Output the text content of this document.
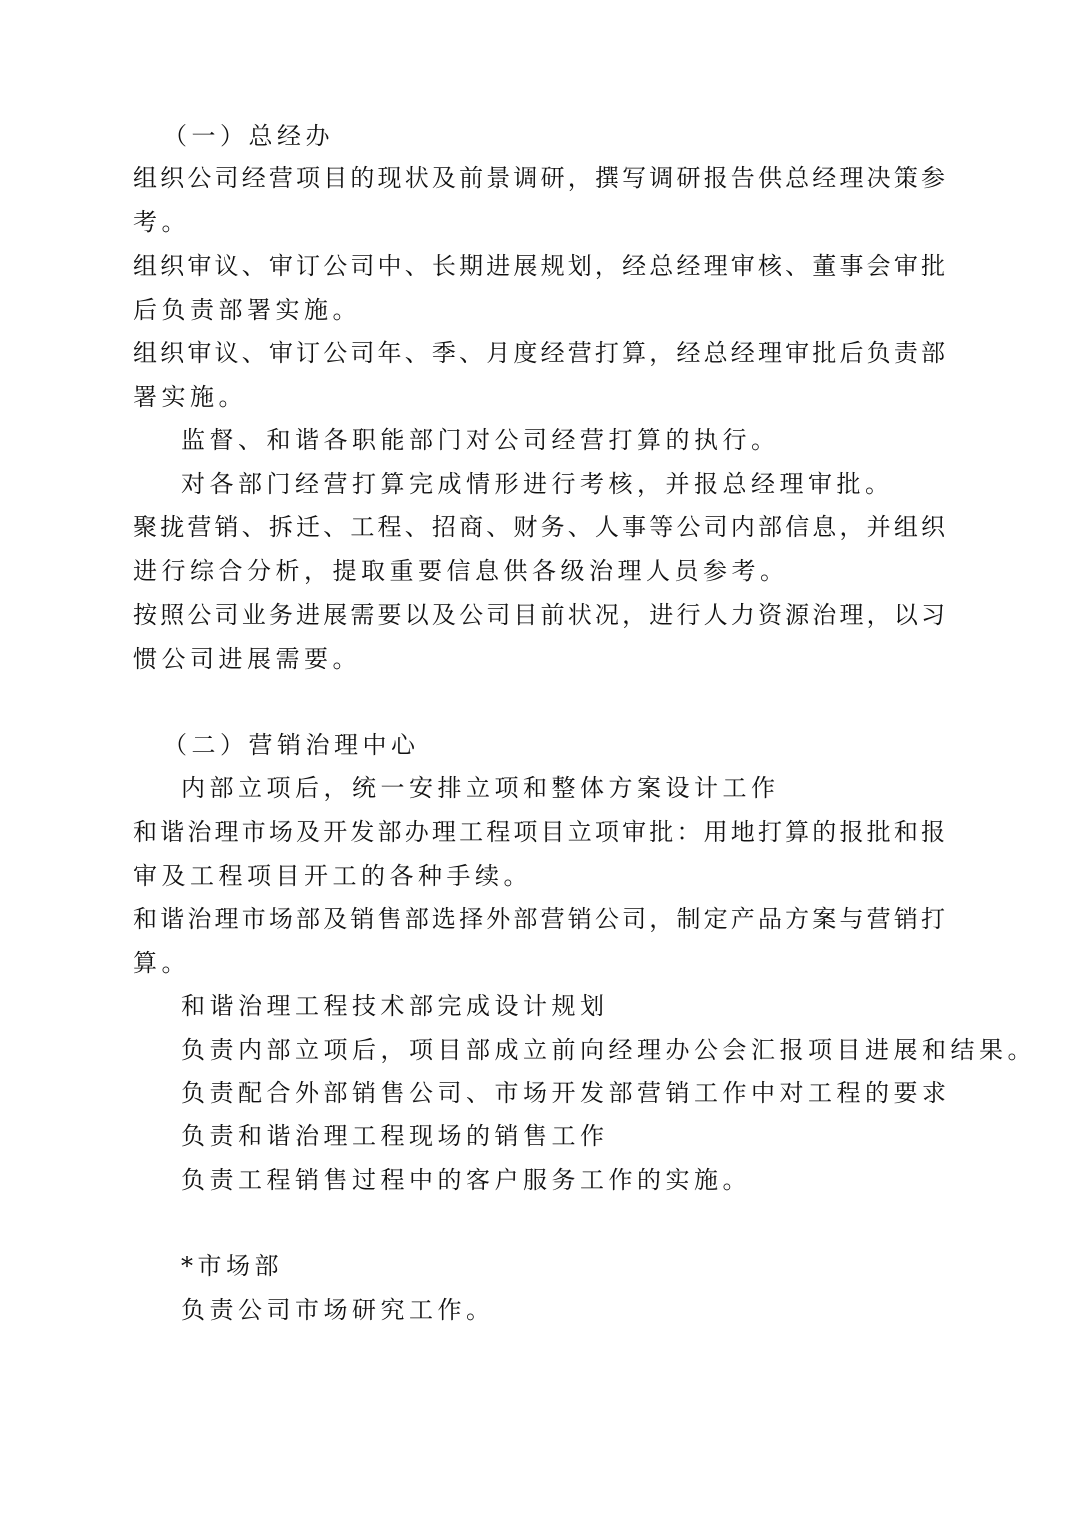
（一）总经办
组织公司经营项目的现状及前景调研，撰写调研报告供总经理决策参
考。
组织审议、审订公司中、长期进展规划，经总经理审核、董事会审批
后负责部署实施。
组织审议、审订公司年、季、月度经营打算，经总经理审批后负责部
署实施。
监督、和谐各职能部门对公司经营打算的执行。
对各部门经营打算完成情形进行考核，并报总经理审批。
聚拢营销、拆迁、工程、招商、财务、人事等公司内部信息，并组织
进行综合分析，提取重要信息供各级治理人员参考。
按照公司业务进展需要以及公司目前状况，进行人力资源治理，以习
惯公司进展需要。
（二）营销治理中心
内部立项后，统一安排立项和整体方案设计工作
和谐治理市场及开发部办理工程项目立项审批：用地打算的报批和报
审及工程项目开工的各种手续。
和谐治理市场部及销售部选择外部营销公司，制定产品方案与营销打
算。
和谐治理工程技术部完成设计规划
负责内部立项后，项目部成立前向经理办公会汇报项目进展和结果。
负责配合外部销售公司、市场开发部营销工作中对工程的要求
负责和谐治理工程现场的销售工作
负责工程销售过程中的客户服务工作的实施。
*市场部
负责公司市场研究工作。
